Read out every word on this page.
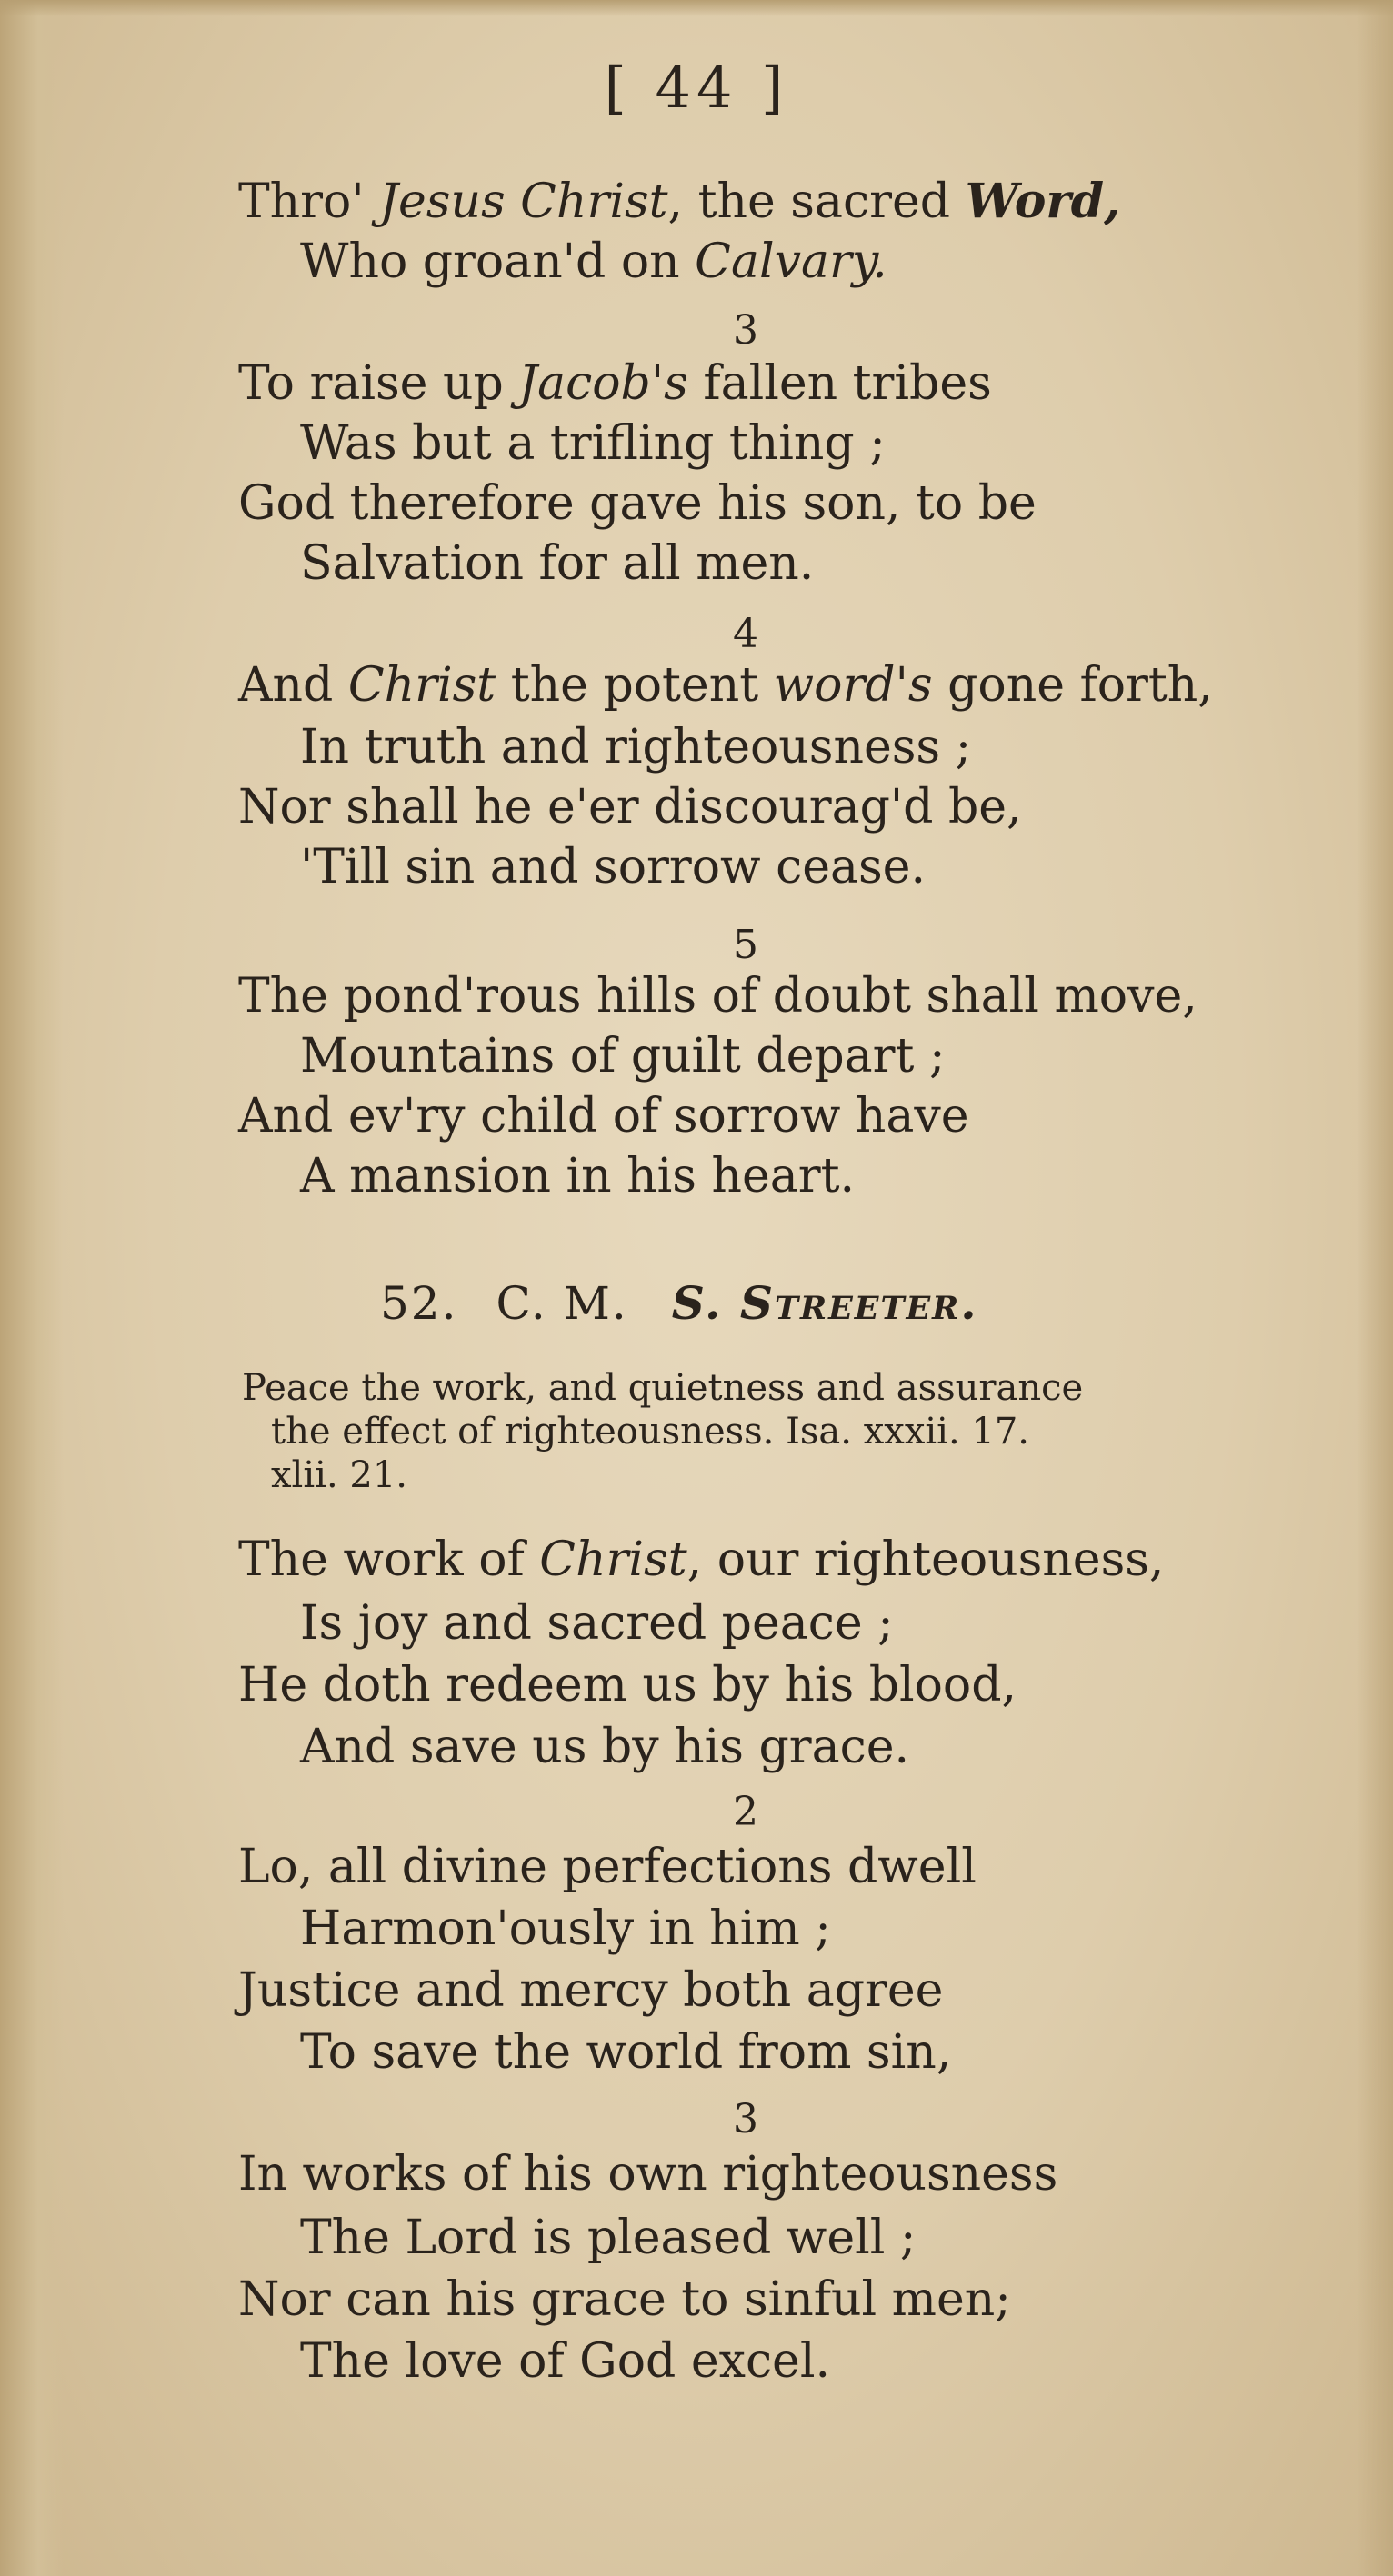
[ 44 ]
Thro' Jesus Christ, the sacred Word,
Who groan'd on Calvary.
3
To raise up Jacob's fallen tribes
Was but a trifling thing ;
God therefore gave his son, to be
Salvation for all men.
4
And Christ the potent word's gone forth,
In truth and righteousness ;
Nor shall he e'er discourag'd be,
'Till sin and sorrow cease.
5
The pond'rous hills of doubt shall move,
Mountains of guilt depart ;
And ev'ry child of sorrow have
A mansion in his heart.
52. C. M. S. Streeter.
Peace the work, and quietness and assurance
the effect of righteousness. Isa. xxxii. 17.
xlii. 21.
The work of Christ, our righteousness,
Is joy and sacred peace ;
He doth redeem us by his blood,
And save us by his grace.
2
Lo, all divine perfections dwell
Harmon'ously in him ;
Justice and mercy both agree
To save the world from sin,
3
In works of his own righteousness
The Lord is pleased well ;
Nor can his grace to sinful men;
The love of God excel.
